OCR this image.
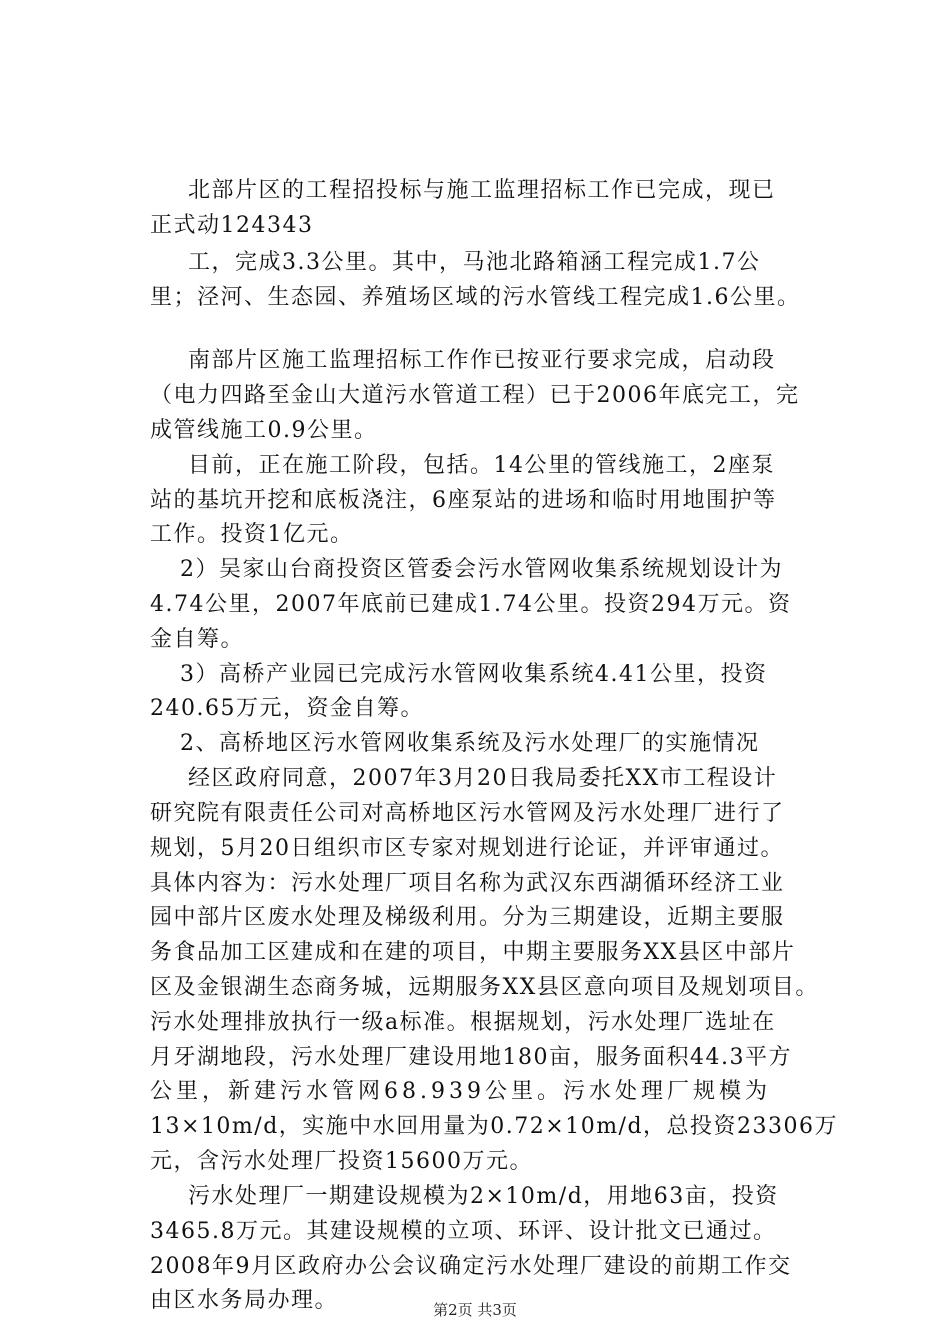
北部片区的工程招投标与施工监理招标工作已完成，现已
正式动124343
工，完成3.3公里。其中，马池北路箱涵工程完成1.7公
里；泾河、生态园、养殖场区域的污水管线工程完成1.6公里。
南部片区施工监理招标工作作已按亚行要求完成，启动段
（电力四路至金山大道污水管道工程）已于2006年底完工，完
成管线施工0.9公里。
目前，正在施工阶段，包括。14公里的管线施工，2座泵
站的基坑开挖和底板浇注，6座泵站的进场和临时用地围护等
工作。投资1亿元。
2）吴家山台商投资区管委会污水管网收集系统规划设计为
4.74公里，2007年底前已建成1.74公里。投资294万元。资
金自筹。
3）高桥产业园已完成污水管网收集系统4.41公里，投资
240.65万元，资金自筹。
2、高桥地区污水管网收集系统及污水处理厂的实施情况
经区政府同意，2007年3月20日我局委托XX市工程设计
研究院有限责任公司对高桥地区污水管网及污水处理厂进行了
规划，5月20日组织市区专家对规划进行论证，并评审通过。
具体内容为：污水处理厂项目名称为武汉东西湖循环经济工业
园中部片区废水处理及梯级利用。分为三期建设，近期主要服
务食品加工区建成和在建的项目，中期主要服务XX县区中部片
区及金银湖生态商务城，远期服务XX县区意向项目及规划项目。
污水处理排放执行一级a标准。根据规划，污水处理厂选址在
月牙湖地段，污水处理厂建设用地180亩，服务面积44.3平方
公里，新建污水管网68.939公里。污水处理厂规模为
13×10m/d，实施中水回用量为0.72×10m/d，总投资23306万
元，含污水处理厂投资15600万元。
污水处理厂一期建设规模为2×10m/d，用地63亩，投资
3465.8万元。其建设规模的立项、环评、设计批文已通过。
2008年9月区政府办公会议确定污水处理厂建设的前期工作交
由区水务局办理。	第2页 共3页
